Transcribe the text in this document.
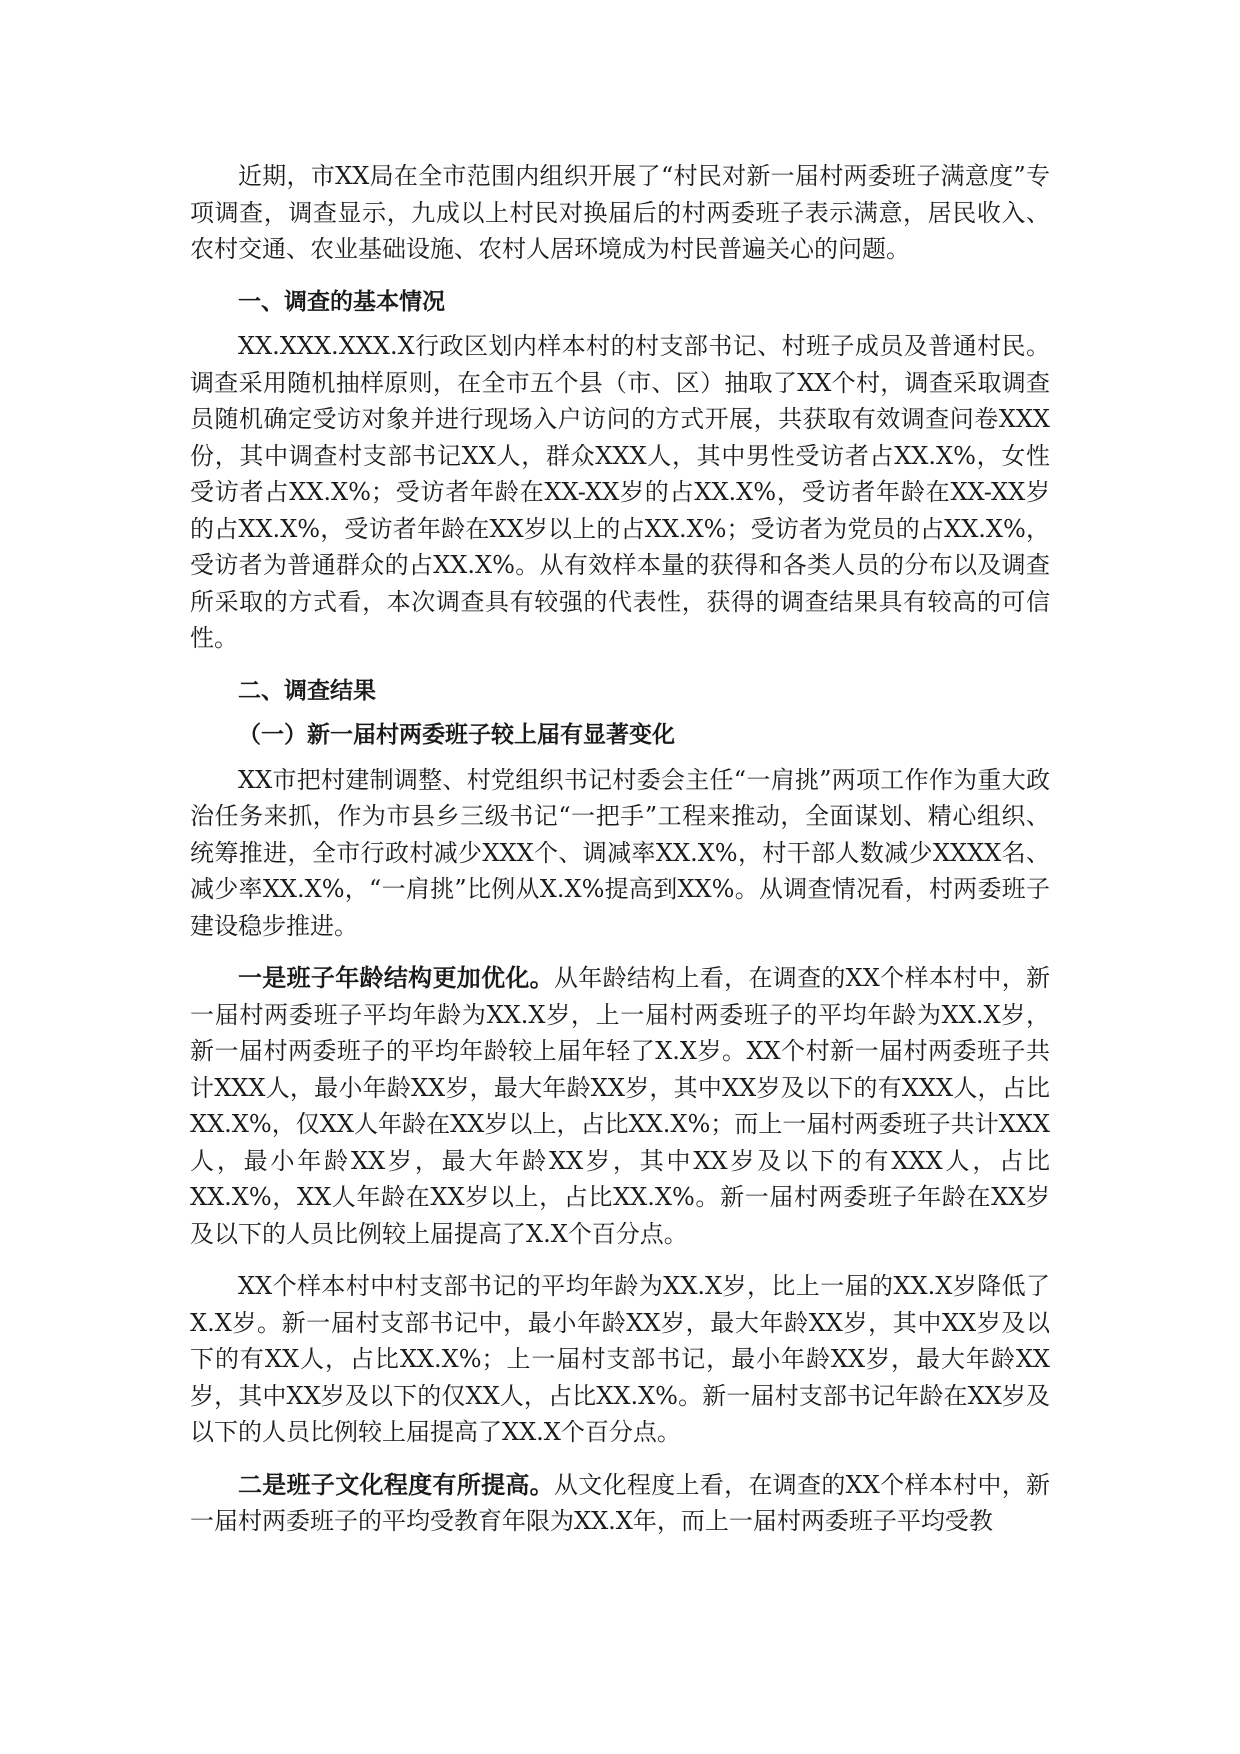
近期，市XX局在全市范围内组织开展了“村民对新一届村两委班子满意度”专项调查，调查显示，九成以上村民对换届后的村两委班子表示满意，居民收入、农村交通、农业基础设施、农村人居环境成为村民普遍关心的问题。

一、调查的基本情况

XX.XXX.XXX.X行政区划内样本村的村支部书记、村班子成员及普通村民。调查采用随机抽样原则，在全市五个县（市、区）抽取了XX个村，调查采取调查员随机确定受访对象并进行现场入户访问的方式开展，共获取有效调查问卷XXX份，其中调查村支部书记XX人，群众XXX人，其中男性受访者占XX.X%，女性受访者占XX.X%；受访者年龄在XX-XX岁的占XX.X%，受访者年龄在XX-XX岁的占XX.X%，受访者年龄在XX岁以上的占XX.X%；受访者为党员的占XX.X%，受访者为普通群众的占XX.X%。从有效样本量的获得和各类人员的分布以及调查所采取的方式看，本次调查具有较强的代表性，获得的调查结果具有较高的可信性。

二、调查结果

（一）新一届村两委班子较上届有显著变化

XX市把村建制调整、村党组织书记村委会主任“一肩挑”两项工作作为重大政治任务来抓，作为市县乡三级书记“一把手”工程来推动，全面谋划、精心组织、统筹推进，全市行政村减少XXX个、调减率XX.X%，村干部人数减少XXXX名、减少率XX.X%，“一肩挑”比例从X.X%提高到XX%。从调查情况看，村两委班子建设稳步推进。

一是班子年龄结构更加优化。从年龄结构上看，在调查的XX个样本村中，新一届村两委班子平均年龄为XX.X岁，上一届村两委班子的平均年龄为XX.X岁，新一届村两委班子的平均年龄较上届年轻了X.X岁。XX个村新一届村两委班子共计XXX人，最小年龄XX岁，最大年龄XX岁，其中XX岁及以下的有XXX人，占比XX.X%，仅XX人年龄在XX岁以上，占比XX.X%；而上一届村两委班子共计XXX人，最小年龄XX岁，最大年龄XX岁，其中XX岁及以下的有XXX人，占比XX.X%，XX人年龄在XX岁以上，占比XX.X%。新一届村两委班子年龄在XX岁及以下的人员比例较上届提高了X.X个百分点。

XX个样本村中村支部书记的平均年龄为XX.X岁，比上一届的XX.X岁降低了X.X岁。新一届村支部书记中，最小年龄XX岁，最大年龄XX岁，其中XX岁及以下的有XX人，占比XX.X%；上一届村支部书记，最小年龄XX岁，最大年龄XX岁，其中XX岁及以下的仅XX人，占比XX.X%。新一届村支部书记年龄在XX岁及以下的人员比例较上届提高了XX.X个百分点。

二是班子文化程度有所提高。从文化程度上看，在调查的XX个样本村中，新一届村两委班子的平均受教育年限为XX.X年，而上一届村两委班子平均受教
